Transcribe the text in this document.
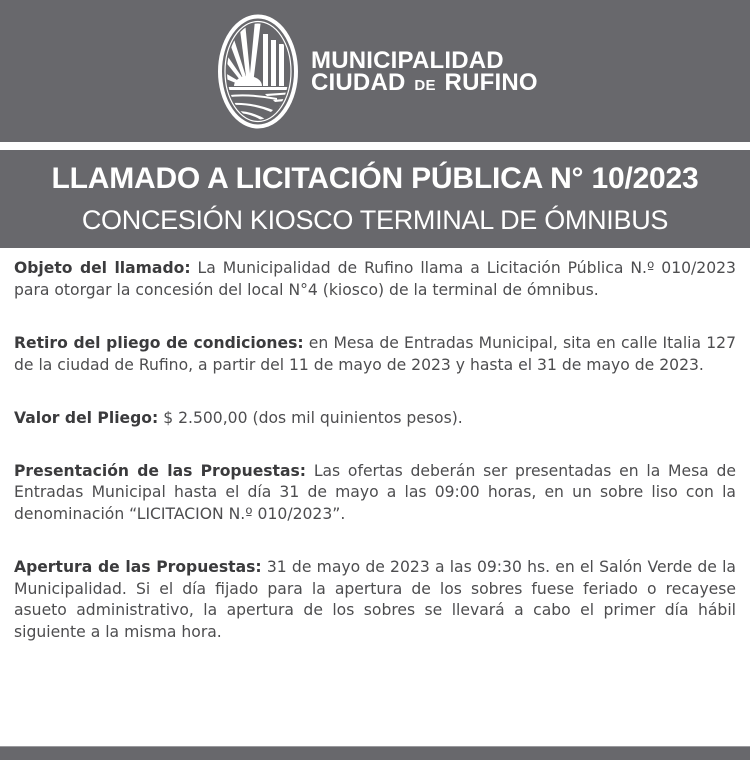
MUNICIPALIDAD
CIUDAD DE RUFINO
LLAMADO A LICITACIÓN PÚBLICA N° 10/2023
CONCESIÓN KIOSCO TERMINAL DE ÓMNIBUS

Objeto del llamado: La Municipalidad de Rufino llama a Licitación Pública N.º 010/2023 para otorgar la concesión del local N°4 (kiosco) de la terminal de ómnibus.

Retiro del pliego de condiciones: en Mesa de Entradas Municipal, sita en calle Italia 127 de la ciudad de Rufino, a partir del 11 de mayo de 2023 y hasta el 31 de mayo de 2023.

Valor del Pliego: $ 2.500,00 (dos mil quinientos pesos).

Presentación de las Propuestas: Las ofertas deberán ser presentadas en la Mesa de Entradas Municipal hasta el día 31 de mayo a las 09:00 horas, en un sobre liso con la denominación “LICITACION N.º 010/2023”.

Apertura de las Propuestas: 31 de mayo de 2023 a las 09:30 hs. en el Salón Verde de la Municipalidad. Si el día fijado para la apertura de los sobres fuese feriado o recayese asueto administrativo, la apertura de los sobres se llevará a cabo el primer día hábil siguiente a la misma hora.
